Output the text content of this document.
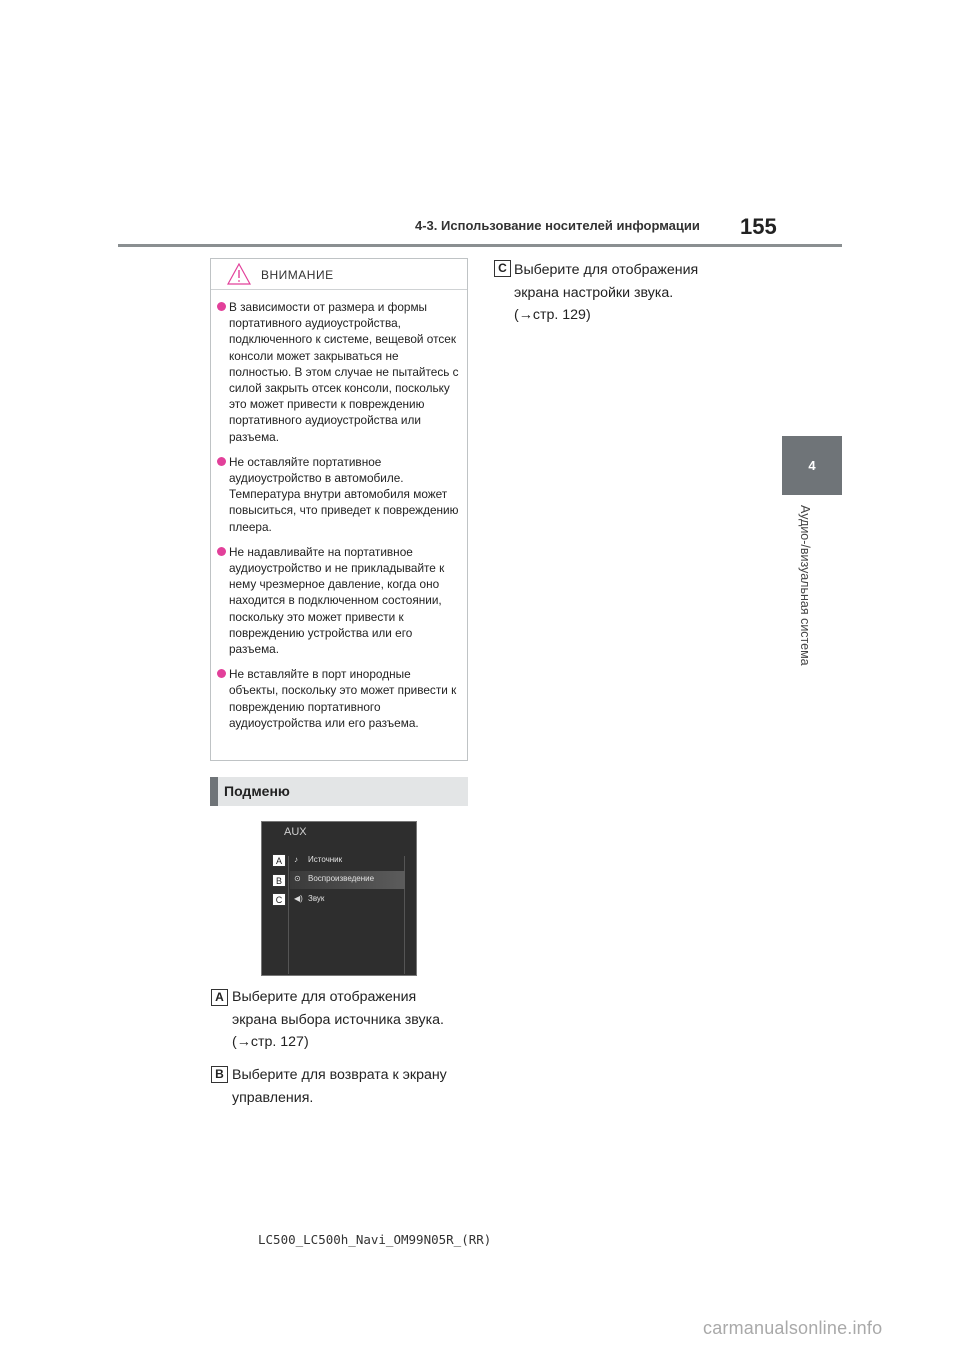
4-3. Использование носителей информации 155
4
Аудио-/визуальная система
ВНИМАНИЕ
В зависимости от размера и формы портативного аудиоустройства, подключенного к системе, вещевой отсек консоли может закрываться не полностью. В этом случае не пытайтесь с силой закрыть отсек консоли, поскольку это может привести к повреждению портативного аудиоустройства или разъема.
Не оставляйте портативное аудиоустройство в автомобиле. Температура внутри автомобиля может повыситься, что приведет к повреждению плеера.
Не надавливайте на портативное аудиоустройство и не прикладывайте к нему чрезмерное давление, когда оно находится в подключенном состоянии, поскольку это может привести к повреждению устройства или его разъема.
Не вставляйте в порт инородные объекты, поскольку это может привести к повреждению портативного аудиоустройства или его разъема.
Подменю
AUX
♪ Источник
⊙ Воспроизведение
◀) Звук
A
B
C
A Выберите для отображения
экрана выбора источника звука.
(→стр. 127)
B Выберите для возврата к экрану
управления.
C Выберите для отображения
экрана настройки звука.
(→стр. 129)
LC500_LC500h_Navi_OM99N05R_(RR)
carmanualsonline.info
